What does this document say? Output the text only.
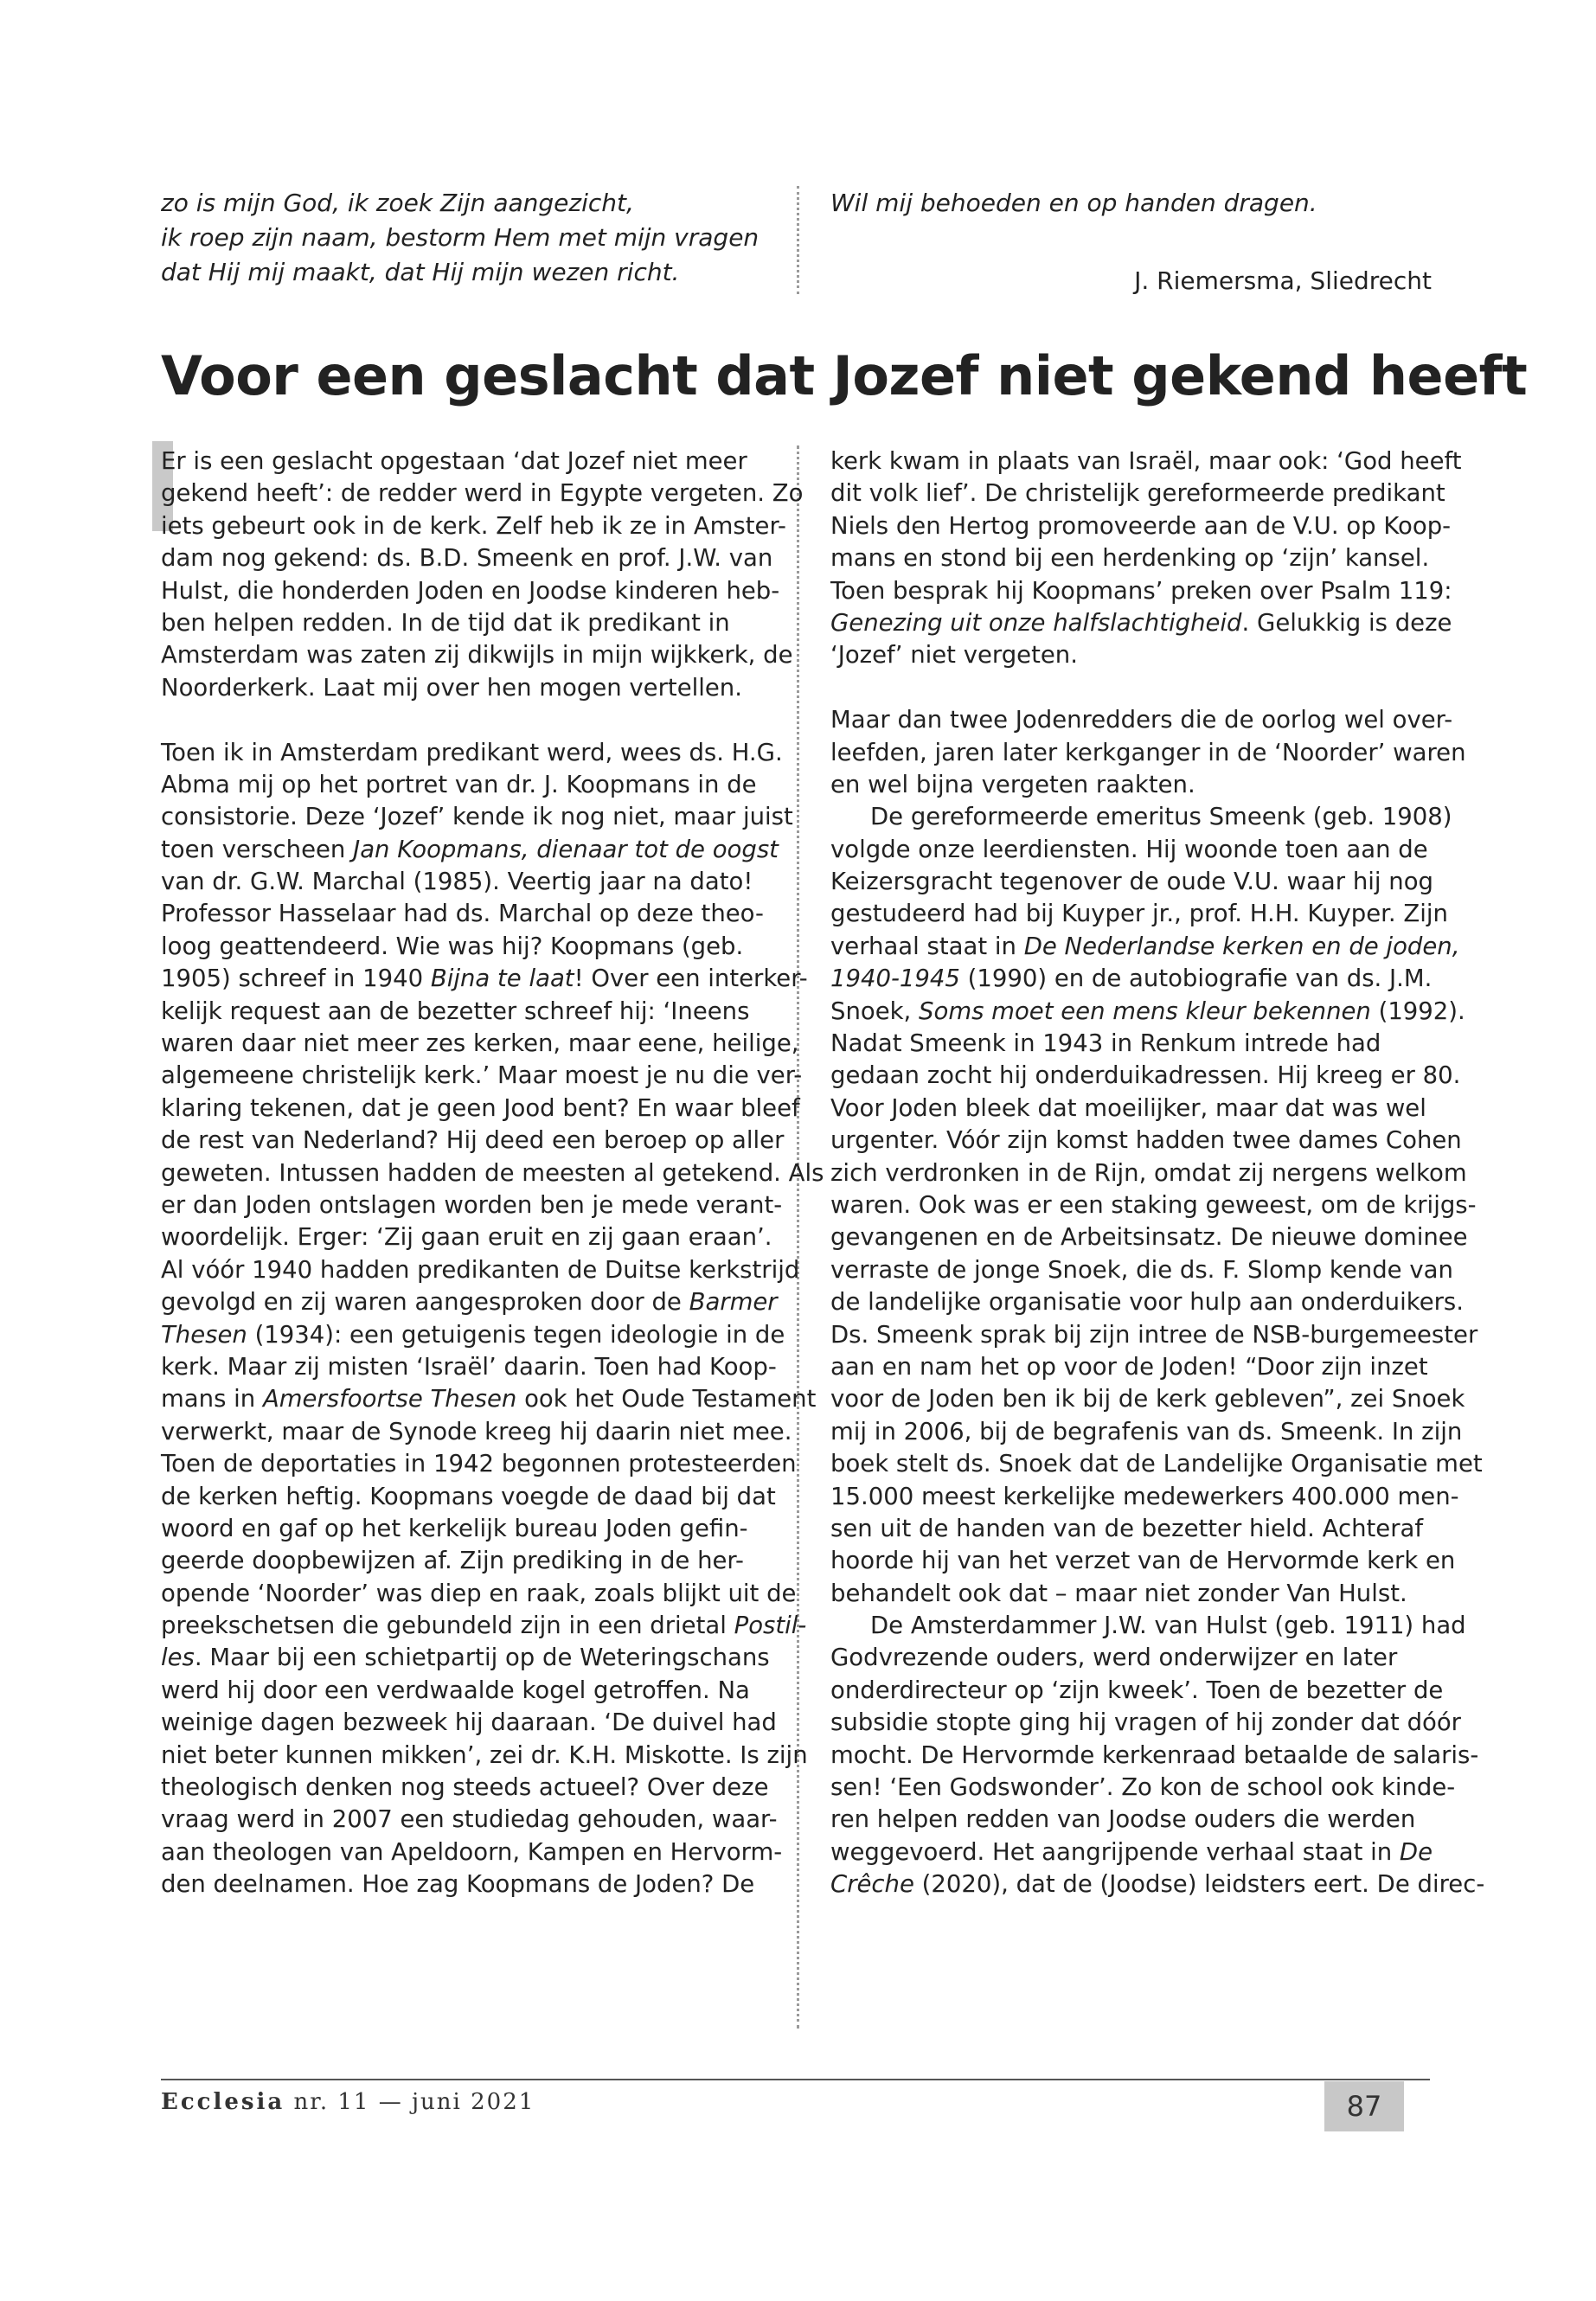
zo is mijn God, ik zoek Zijn aangezicht,
ik roep zijn naam, bestorm Hem met mijn vragen
dat Hij mij maakt, dat Hij mijn wezen richt.
Wil mij behoeden en op handen dragen.
J. Riemersma, Sliedrecht
Voor een geslacht dat Jozef niet gekend heeft
Er is een geslacht opgestaan ‘dat Jozef niet meer
gekend heeft’: de redder werd in Egypte vergeten. Zo
iets gebeurt ook in de kerk. Zelf heb ik ze in Amster-
dam nog gekend: ds. B.D. Smeenk en prof. J.W. van
Hulst, die honderden Joden en Joodse kinderen heb-
ben helpen redden. In de tijd dat ik predikant in
Amsterdam was zaten zij dikwijls in mijn wijkkerk, de
Noorderkerk. Laat mij over hen mogen vertellen.
Toen ik in Amsterdam predikant werd, wees ds. H.G.
Abma mij op het portret van dr. J. Koopmans in de
consistorie. Deze ‘Jozef’ kende ik nog niet, maar juist
toen verscheen Jan Koopmans, dienaar tot de oogst
van dr. G.W. Marchal (1985). Veertig jaar na dato!
Professor Hasselaar had ds. Marchal op deze theo-
loog geattendeerd. Wie was hij? Koopmans (geb.
1905) schreef in 1940 Bijna te laat! Over een interker-
kelijk request aan de bezetter schreef hij: ‘Ineens
waren daar niet meer zes kerken, maar eene, heilige,
algemeene christelijk kerk.’ Maar moest je nu die ver-
klaring tekenen, dat je geen Jood bent? En waar bleef
de rest van Nederland? Hij deed een beroep op aller
geweten. Intussen hadden de meesten al getekend. Als
er dan Joden ontslagen worden ben je mede verant-
woordelijk. Erger: ‘Zij gaan eruit en zij gaan eraan’.
Al vóór 1940 hadden predikanten de Duitse kerkstrijd
gevolgd en zij waren aangesproken door de Barmer
Thesen (1934): een getuigenis tegen ideologie in de
kerk. Maar zij misten ‘Israël’ daarin. Toen had Koop-
mans in Amersfoortse Thesen ook het Oude Testament
verwerkt, maar de Synode kreeg hij daarin niet mee.
Toen de deportaties in 1942 begonnen protesteerden
de kerken heftig. Koopmans voegde de daad bij dat
woord en gaf op het kerkelijk bureau Joden gefin-
geerde doopbewijzen af. Zijn prediking in de her-
opende ‘Noorder’ was diep en raak, zoals blijkt uit de
preekschetsen die gebundeld zijn in een drietal Postil-
les. Maar bij een schietpartij op de Weteringschans
werd hij door een verdwaalde kogel getroffen. Na
weinige dagen bezweek hij daaraan. ‘De duivel had
niet beter kunnen mikken’, zei dr. K.H. Miskotte. Is zijn
theologisch denken nog steeds actueel? Over deze
vraag werd in 2007 een studiedag gehouden, waar-
aan theologen van Apeldoorn, Kampen en Hervorm-
den deelnamen. Hoe zag Koopmans de Joden? De
kerk kwam in plaats van Israël, maar ook: ‘God heeft
dit volk lief’. De christelijk gereformeerde predikant
Niels den Hertog promoveerde aan de V.U. op Koop-
mans en stond bij een herdenking op ‘zijn’ kansel.
Toen besprak hij Koopmans’ preken over Psalm 119:
Genezing uit onze halfslachtigheid. Gelukkig is deze
‘Jozef’ niet vergeten.
Maar dan twee Jodenredders die de oorlog wel over-
leefden, jaren later kerkganger in de ‘Noorder’ waren
en wel bijna vergeten raakten.
De gereformeerde emeritus Smeenk (geb. 1908)
volgde onze leerdiensten. Hij woonde toen aan de
Keizersgracht tegenover de oude V.U. waar hij nog
gestudeerd had bij Kuyper jr., prof. H.H. Kuyper. Zijn
verhaal staat in De Nederlandse kerken en de joden,
1940-1945 (1990) en de autobiografie van ds. J.M.
Snoek, Soms moet een mens kleur bekennen (1992).
Nadat Smeenk in 1943 in Renkum intrede had
gedaan zocht hij onderduikadressen. Hij kreeg er 80.
Voor Joden bleek dat moeilijker, maar dat was wel
urgenter. Vóór zijn komst hadden twee dames Cohen
zich verdronken in de Rijn, omdat zij nergens welkom
waren. Ook was er een staking geweest, om de krijgs-
gevangenen en de Arbeitsinsatz. De nieuwe dominee
verraste de jonge Snoek, die ds. F. Slomp kende van
de landelijke organisatie voor hulp aan onderduikers.
Ds. Smeenk sprak bij zijn intree de NSB-burgemeester
aan en nam het op voor de Joden! “Door zijn inzet
voor de Joden ben ik bij de kerk gebleven”, zei Snoek
mij in 2006, bij de begrafenis van ds. Smeenk. In zijn
boek stelt ds. Snoek dat de Landelijke Organisatie met
15.000 meest kerkelijke medewerkers 400.000 men-
sen uit de handen van de bezetter hield. Achteraf
hoorde hij van het verzet van de Hervormde kerk en
behandelt ook dat – maar niet zonder Van Hulst.
De Amsterdammer J.W. van Hulst (geb. 1911) had
Godvrezende ouders, werd onderwijzer en later
onderdirecteur op ‘zijn kweek’. Toen de bezetter de
subsidie stopte ging hij vragen of hij zonder dat dóór
mocht. De Hervormde kerkenraad betaalde de salaris-
sen! ‘Een Godswonder’. Zo kon de school ook kinde-
ren helpen redden van Joodse ouders die werden
weggevoerd. Het aangrijpende verhaal staat in De
Crêche (2020), dat de (Joodse) leidsters eert. De direc-
Ecclesia nr. 11 — juni 2021	87
